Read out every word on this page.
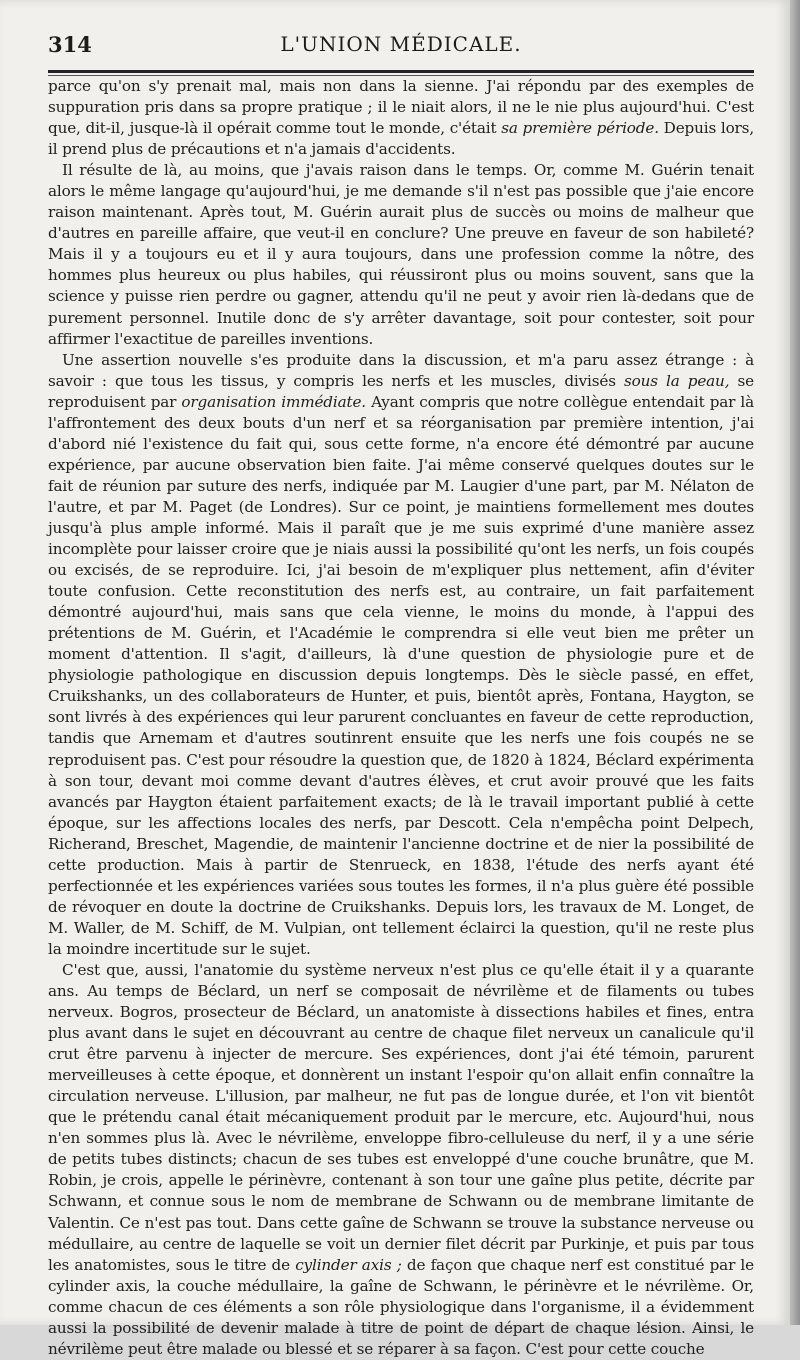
314	L'UNION MÉDICALE.

parce qu'on s'y prenait mal, mais non dans la sienne. J'ai répondu par des exemples de suppuration pris dans sa propre pratique ; il le niait alors, il ne le nie plus aujourd'hui. C'est que, dit-il, jusque-là il opérait comme tout le monde, c'était sa première période. Depuis lors, il prend plus de précautions et n'a jamais d'accidents.

Il résulte de là, au moins, que j'avais raison dans le temps. Or, comme M. Guérin tenait alors le même langage qu'aujourd'hui, je me demande s'il n'est pas possible que j'aie encore raison maintenant. Après tout, M. Guérin aurait plus de succès ou moins de malheur que d'autres en pareille affaire, que veut-il en conclure? Une preuve en faveur de son habileté? Mais il y a toujours eu et il y aura toujours, dans une profession comme la nôtre, des hommes plus heureux ou plus habiles, qui réussiront plus ou moins souvent, sans que la science y puisse rien perdre ou gagner, attendu qu'il ne peut y avoir rien là-dedans que de purement personnel. Inutile donc de s'y arrêter davantage, soit pour contester, soit pour affirmer l'exactitue de pareilles inventions.

Une assertion nouvelle s'es produite dans la discussion, et m'a paru assez étrange : à savoir : que tous les tissus, y compris les nerfs et les muscles, divisés sous la peau, se reproduisent par organisation immédiate. Ayant compris que notre collègue entendait par là l'affrontement des deux bouts d'un nerf et sa réorganisation par première intention, j'ai d'abord nié l'existence du fait qui, sous cette forme, n'a encore été démontré par aucune expérience, par aucune observation bien faite. J'ai même conservé quelques doutes sur le fait de réunion par suture des nerfs, indiquée par M. Laugier d'une part, par M. Nélaton de l'autre, et par M. Paget (de Londres). Sur ce point, je maintiens formellement mes doutes jusqu'à plus ample informé. Mais il paraît que je me suis exprimé d'une manière assez incomplète pour laisser croire que je niais aussi la possibilité qu'ont les nerfs, un fois coupés ou excisés, de se reproduire. Ici, j'ai besoin de m'expliquer plus nettement, afin d'éviter toute confusion. Cette reconstitution des nerfs est, au contraire, un fait parfaitement démontré aujourd'hui, mais sans que cela vienne, le moins du monde, à l'appui des prétentions de M. Guérin, et l'Académie le comprendra si elle veut bien me prêter un moment d'attention. Il s'agit, d'ailleurs, là d'une question de physiologie pure et de physiologie pathologique en discussion depuis longtemps. Dès le siècle passé, en effet, Cruikshanks, un des collaborateurs de Hunter, et puis, bientôt après, Fontana, Haygton, se sont livrés à des expériences qui leur parurent concluantes en faveur de cette reproduction, tandis que Arnemam et d'autres soutinrent ensuite que les nerfs une fois coupés ne se reproduisent pas. C'est pour résoudre la question que, de 1820 à 1824, Béclard expérimenta à son tour, devant moi comme devant d'autres élèves, et crut avoir prouvé que les faits avancés par Haygton étaient parfaitement exacts; de là le travail important publié à cette époque, sur les affections locales des nerfs, par Descott. Cela n'empêcha point Delpech, Richerand, Breschet, Magendie, de maintenir l'ancienne doctrine et de nier la possibilité de cette production. Mais à partir de Stenrueck, en 1838, l'étude des nerfs ayant été perfectionnée et les expériences variées sous toutes les formes, il n'a plus guère été possible de révoquer en doute la doctrine de Cruikshanks. Depuis lors, les travaux de M. Longet, de M. Waller, de M. Schiff, de M. Vulpian, ont tellement éclairci la question, qu'il ne reste plus la moindre incertitude sur le sujet.

C'est que, aussi, l'anatomie du système nerveux n'est plus ce qu'elle était il y a quarante ans. Au temps de Béclard, un nerf se composait de névrilème et de filaments ou tubes nerveux. Bogros, prosecteur de Béclard, un anatomiste à dissections habiles et fines, entra plus avant dans le sujet en découvrant au centre de chaque filet nerveux un canalicule qu'il crut être parvenu à injecter de mercure. Ses expériences, dont j'ai été témoin, parurent merveilleuses à cette époque, et donnèrent un instant l'espoir qu'on allait enfin connaître la circulation nerveuse. L'illusion, par malheur, ne fut pas de longue durée, et l'on vit bientôt que le prétendu canal était mécaniquement produit par le mercure, etc. Aujourd'hui, nous n'en sommes plus là. Avec le névrilème, enveloppe fibro-celluleuse du nerf, il y a une série de petits tubes distincts; chacun de ses tubes est enveloppé d'une couche brunâtre, que M. Robin, je crois, appelle le périnèvre, contenant à son tour une gaîne plus petite, décrite par Schwann, et connue sous le nom de membrane de Schwann ou de membrane limitante de Valentin. Ce n'est pas tout. Dans cette gaîne de Schwann se trouve la substance nerveuse ou médullaire, au centre de laquelle se voit un dernier filet décrit par Purkinje, et puis par tous les anatomistes, sous le titre de cylinder axis ; de façon que chaque nerf est constitué par le cylinder axis, la couche médullaire, la gaîne de Schwann, le périnèvre et le névrilème. Or, comme chacun de ces éléments a son rôle physiologique dans l'organisme, il a évidemment aussi la possibilité de devenir malade à titre de point de départ de chaque lésion. Ainsi, le névrilème peut être malade ou blessé et se réparer à sa façon. C'est pour cette couche
